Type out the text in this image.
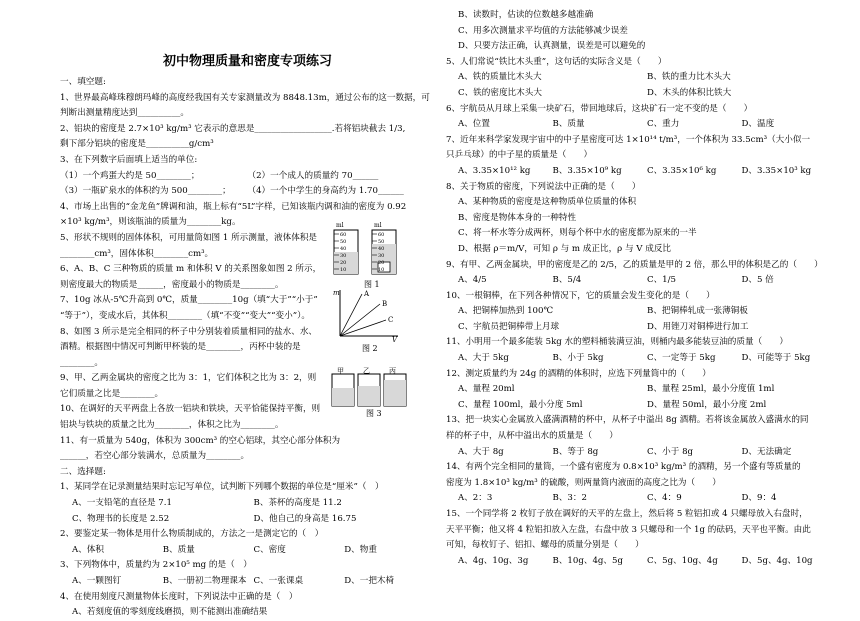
初中物理质量和密度专项练习
一、填空题:
1、世界最高峰珠穆朗玛峰的高度经我国有关专家测量改为 8848.13m，通过公布的这一数据，可
判断出测量精度达到__________。
2、铝块的密度是 2.7×10³ kg/m³ 它表示的意思是__________________.若将铝块截去 1/3,
剩下部分铝块的密度是__________g/cm³
3、在下列数字后面填上适当的单位:
（1）一个鸡蛋大约是 50________；	（2）一个成人的质量约 70______
（3）一瓶矿泉水的体积约为 500________；	（4）一个中学生的身高约为 1.70______
4、市场上出售的“金龙鱼”牌调和油，瓶上标有“5L”字样，已知该瓶内调和油的密度为 0.92
×10³ kg/m³，则该瓶油的质量为________kg。
5、形状不规则的固体体积，可用量筒如图 1 所示测量，液体体积是
________cm³，固体体积________cm³。
6、A、B、C 三种物质的质量 m 和体积 V 的关系图象如图 2 所示，
则密度最大的物质是______，密度最小的物质是________。
7、10g 冰从-5℃升高到 0℃，质量________10g（填“大于”“小于”
“等于”），变成水后，其体积________（填“不变”“变大”“变小”）。
8、如图 3 所示是完全相同的杯子中分别装着质量相同的盐水、水、
酒精。根据图中情况可判断甲杯装的是________，丙杯中装的是
________。
9、甲、乙两金属块的密度之比为 3：1，它们体积之比为 3：2，则
它们质量之比是________。
10、在调好的天平两盘上各放一铝块和铁块，天平恰能保持平衡，则
铝块与铁块的质量之比为________，体积之比为________。
11、有一质量为 540g，体积为 300cm³ 的空心铝球，其空心部分体积为
______，若空心部分装满水，总质量为________。
二、选择题:
1、某同学在记录测量结果时忘记写单位，试判断下列哪个数据的单位是“厘米”（　）
A、一支铅笔的直径是 7.1	B、茶杯的高度是 11.2
C、物理书的长度是 2.52	D、他自己的身高是 16.75
2、要鉴定某一物体是用什么物质制成的，方法之一是测定它的（　）
A、体积	B、质量	C、密度	D、物重
3、下列物体中，质量约为 2×10⁵ mg 的是（　）
A、一颗图钉	B、一册初二物理课本 C、一张课桌	D、一把木椅
4、在使用刻度尺测量物体长度时，下列说法中正确的是（　）
A、若刻度值的零刻度线磨损，则不能测出准确结果
B、读数时，估读的位数越多越准确
C、用多次测量求平均值的方法能够减少误差
D、只要方法正确，认真测量，误差是可以避免的
5、人们常说“铁比木头重”，这句话的实际含义是（　　）
A、铁的质量比木头大	B、铁的重力比木头大
C、铁的密度比木头大	D、木头的体积比铁大
6、宇航员从月球上采集一块矿石，带回地球后，这块矿石一定不变的是（　　）
A、位置	B、质量	C、重力	D、温度
7、近年来科学家发现宇宙中的中子星密度可达 1×10¹⁴ t/m³，一个体积为 33.5cm³（大小似一
只乒乓球）的中子星的质量是（　　）
A、3.35×10¹² kg	B、3.35×10⁹ kg	C、3.35×10⁶ kg	D、3.35×10³ kg
8、关于物质的密度，下列说法中正确的是（　　）
A、某种物质的密度是这种物质单位质量的体积
B、密度是物体本身的一种特性
C、将一杯水等分成两杯，则每个杯中水的密度都为原来的一半
D、根据 ρ＝m/V，可知 ρ 与 m 成正比，ρ 与 V 成反比
9、有甲、乙两金属块，甲的密度是乙的 2/5，乙的质量是甲的 2 倍，那么甲的体积是乙的（　　）
A、4/5	B、5/4	C、1/5	D、5 倍
10、一根铜棒，在下列各种情况下，它的质量会发生变化的是（　　）
A、把铜棒加热到 100℃	B、把铜棒轧成一张薄铜板
C、宇航员把铜棒带上月球	D、用锉刀对铜棒进行加工
11、小明用一个最多能装 5kg 水的塑料桶装满豆油，则桶内最多能装豆油的质量（　　）
A、大于 5kg	B、小于 5kg	C、一定等于 5kg	D、可能等于 5kg
12、测定质量约为 24g 的酒精的体积时，应选下列量筒中的（　　）
A、量程 20ml	B、量程 25ml，最小分度值 1ml
C、量程 100ml，最小分度 5ml	D、量程 50ml，最小分度 2ml
13、把一块实心金属放入盛满酒精的杯中，从杯子中溢出 8g 酒精。若将该金属放入盛满水的同
样的杯子中，从杯中溢出水的质量是（　　）
A、大于 8g	B、等于 8g	C、小于 8g	D、无法确定
14、有两个完全相同的量筒，一个盛有密度为 0.8×10³ kg/m³ 的酒精，另一个盛有等质量的
密度为 1.8×10³ kg/m³ 的硫酸，则两量筒内液面的高度之比为（　　）
A、2：3	B、3：2	C、4：9	D、9：4
15、一个同学将 2 枚钉子放在调好的天平的左盘上，然后将 5 粒铝扣或 4 只螺母放入右盘时，
天平平衡；他又将 4 粒铝扣放入左盘，右盘中放 3 只螺母和一个 1g 的砝码，天平也平衡。由此
可知，每枚钉子、铝扣、螺母的质量分别是（　　）
A、4g、10g、3g	B、10g、4g、5g	C、5g、10g、4g	D、5g、4g、10g
ml
60
50
40
30
20
10
ml
60
50
40
30
20
10
图 1
m
V
A
B
C
图 2
甲	乙	丙
图 3
